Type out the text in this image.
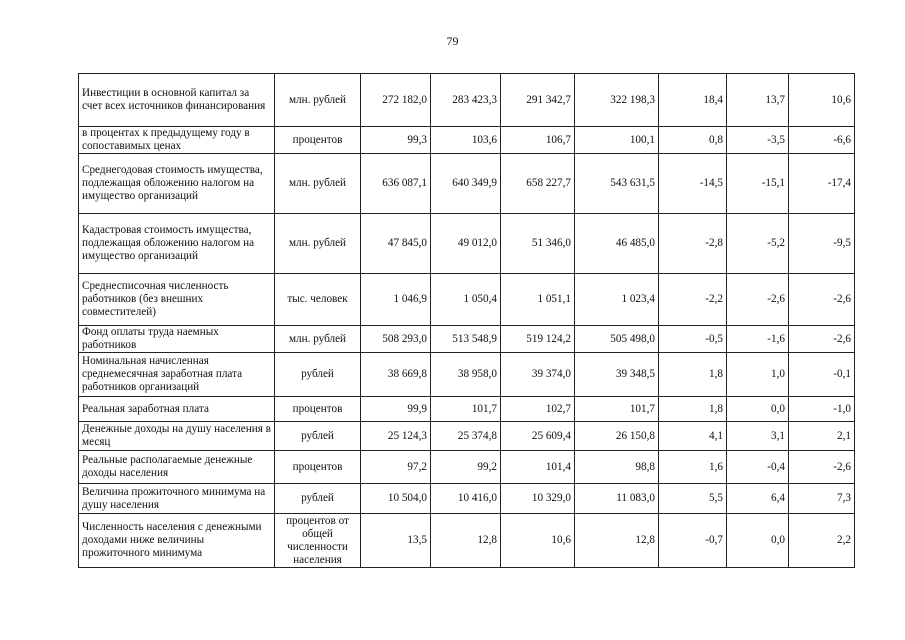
79
Инвестиции в основной капитал за счет всех источников финансирования	млн. рублей	272 182,0	283 423,3	291 342,7	322 198,3	18,4	13,7	10,6
в процентах к предыдущему году в сопоставимых ценах	процентов	99,3	103,6	106,7	100,1	0,8	-3,5	-6,6
Среднегодовая стоимость имущества, подлежащая обложению налогом на имущество организаций	млн. рублей	636 087,1	640 349,9	658 227,7	543 631,5	-14,5	-15,1	-17,4
Кадастровая стоимость имущества, подлежащая обложению налогом на имущество организаций	млн. рублей	47 845,0	49 012,0	51 346,0	46 485,0	-2,8	-5,2	-9,5
Среднесписочная численность работников (без внешних совместителей)	тыс. человек	1 046,9	1 050,4	1 051,1	1 023,4	-2,2	-2,6	-2,6
Фонд оплаты труда наемных работников	млн. рублей	508 293,0	513 548,9	519 124,2	505 498,0	-0,5	-1,6	-2,6
Номинальная начисленная среднемесячная заработная плата работников организаций	рублей	38 669,8	38 958,0	39 374,0	39 348,5	1,8	1,0	-0,1
Реальная заработная плата	процентов	99,9	101,7	102,7	101,7	1,8	0,0	-1,0
Денежные доходы на душу населения в месяц	рублей	25 124,3	25 374,8	25 609,4	26 150,8	4,1	3,1	2,1
Реальные располагаемые денежные доходы населения	процентов	97,2	99,2	101,4	98,8	1,6	-0,4	-2,6
Величина прожиточного минимума на душу населения	рублей	10 504,0	10 416,0	10 329,0	11 083,0	5,5	6,4	7,3
Численность населения с денежными доходами ниже величины прожиточного минимума	процентов от общей численности населения	13,5	12,8	10,6	12,8	-0,7	0,0	2,2
